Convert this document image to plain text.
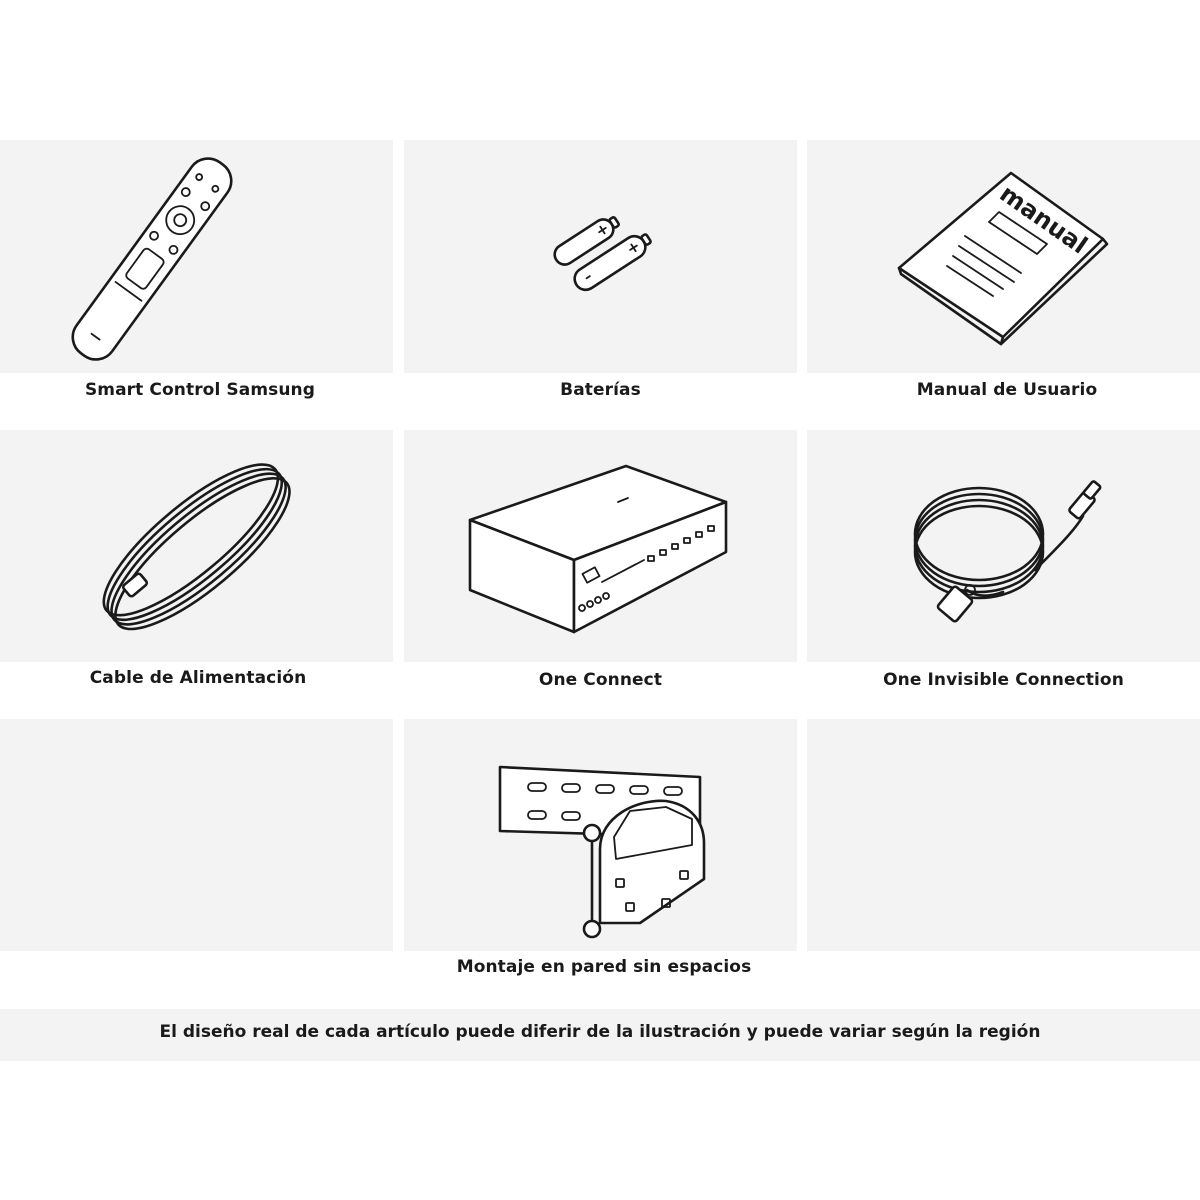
Smart Control Samsung	Baterías
manual
Manual de Usuario
Cable de Alimentación	One Connect	One Invisible Connection
Montaje en pared sin espacios
El diseño real de cada artículo puede diferir de la ilustración y puede variar según la región
